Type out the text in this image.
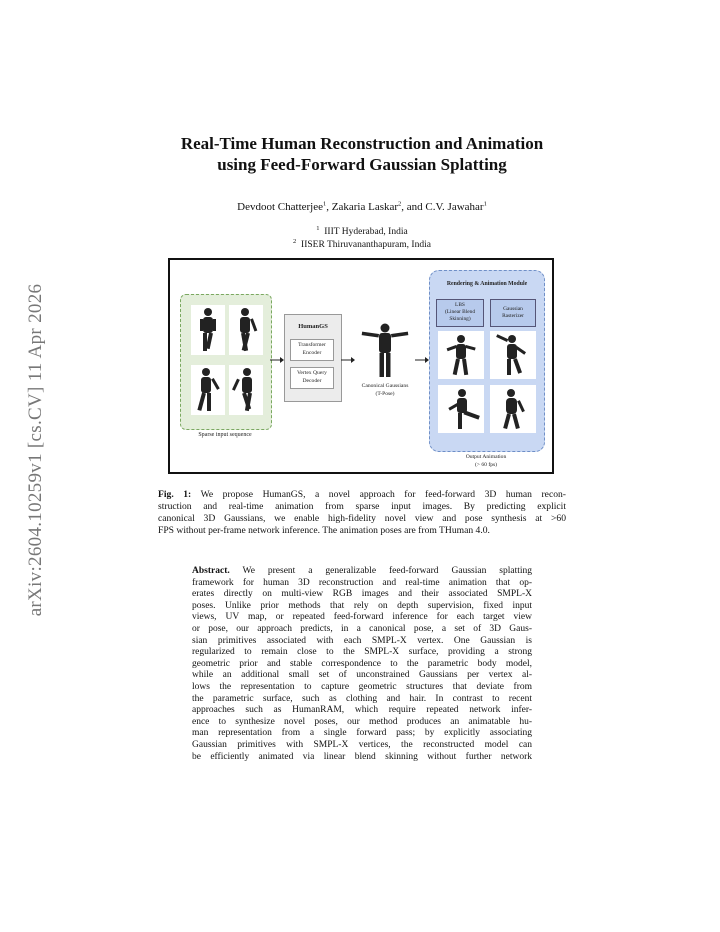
arXiv:2604.10259v1 [cs.CV] 11 Apr 2026
Real-Time Human Reconstruction and Animation
using Feed-Forward Gaussian Splatting
Devdoot Chatterjee$^1$, Zakaria Laskar$^2$, and C.V. Jawahar$^1$
$^1$ IIIT Hyderabad, India
$^2$ IISER Thiruvananthapuram, India
Sparse input sequence
HumanGS
Transformer
Encoder
Vertex Query
Decoder
Canonical Gaussians
(T-Pose)
Rendering & Animation Module
LBS
(Linear Blend
Skinning)
Gaussian
Rasterizer
Output Animation
(> 60 fps)
Fig. 1: We propose HumanGS, a novel approach for feed-forward 3D human recon-
struction and real-time animation from sparse input images. By predicting explicit
canonical 3D Gaussians, we enable high-fidelity novel view and pose synthesis at >60
FPS without per-frame network inference. The animation poses are from THuman 4.0.
Abstract. We present a generalizable feed-forward Gaussian splatting
framework for human 3D reconstruction and real-time animation that op-
erates directly on multi-view RGB images and their associated SMPL-X
poses. Unlike prior methods that rely on depth supervision, fixed input
views, UV map, or repeated feed-forward inference for each target view
or pose, our approach predicts, in a canonical pose, a set of 3D Gaus-
sian primitives associated with each SMPL-X vertex. One Gaussian is
regularized to remain close to the SMPL-X surface, providing a strong
geometric prior and stable correspondence to the parametric body model,
while an additional small set of unconstrained Gaussians per vertex al-
lows the representation to capture geometric structures that deviate from
the parametric surface, such as clothing and hair. In contrast to recent
approaches such as HumanRAM, which require repeated network infer-
ence to synthesize novel poses, our method produces an animatable hu-
man representation from a single forward pass; by explicitly associating
Gaussian primitives with SMPL-X vertices, the reconstructed model can
be efficiently animated via linear blend skinning without further network
